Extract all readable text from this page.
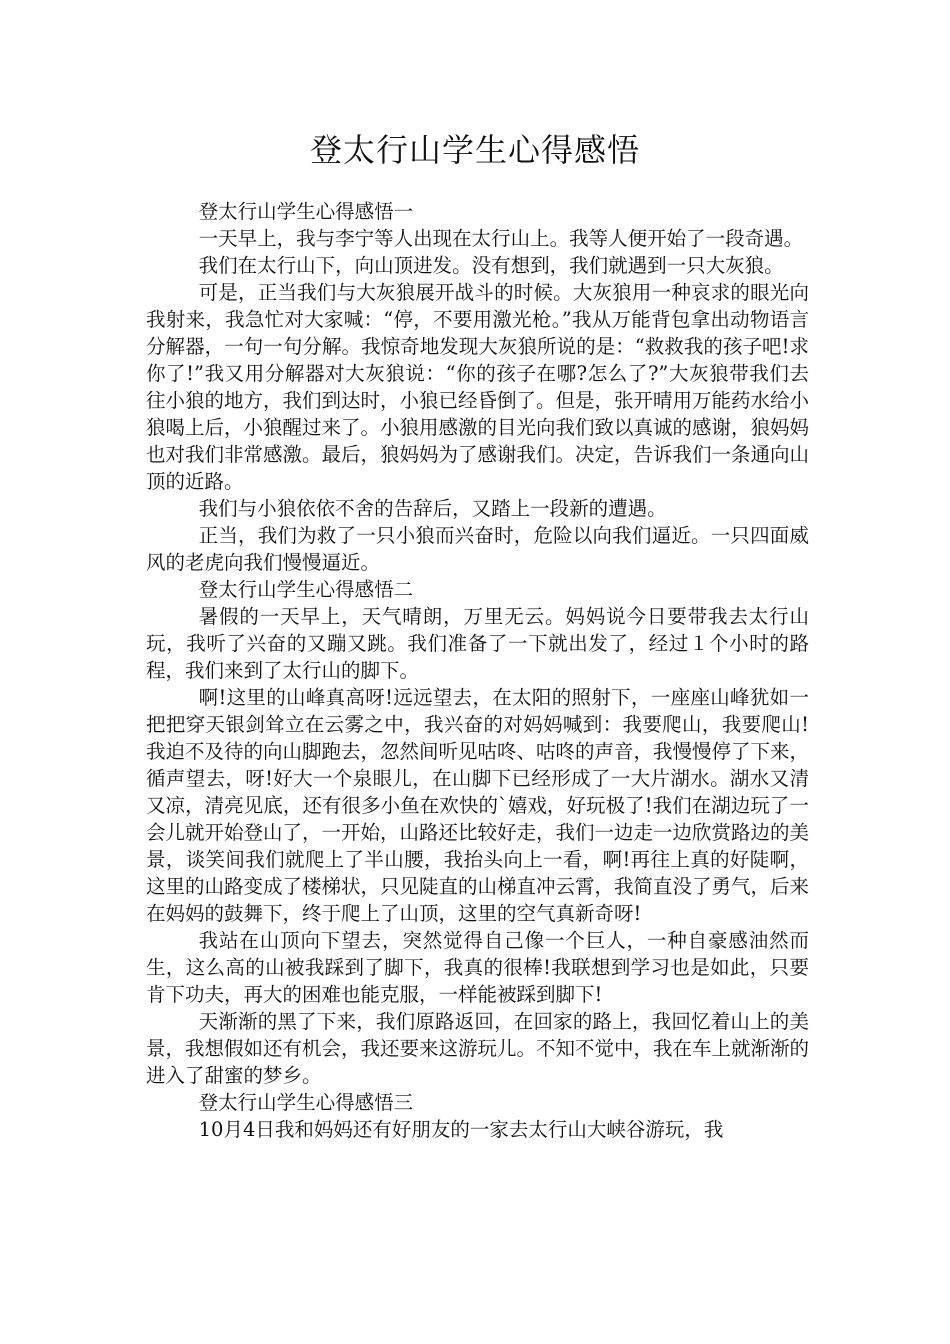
登太行山学生心得感悟

登太行山学生心得感悟一

一天早上，我与李宁等人出现在太行山上。我等人便开始了一段奇遇。

我们在太行山下，向山顶进发。没有想到，我们就遇到一只大灰狼。

可是，正当我们与大灰狼展开战斗的时候。大灰狼用一种哀求的眼光向我射来，我急忙对大家喊：“停，不要用激光枪。”我从万能背包拿出动物语言分解器，一句一句分解。我惊奇地发现大灰狼所说的是：“救救我的孩子吧!求你了!”我又用分解器对大灰狼说：“你的孩子在哪?怎么了?”大灰狼带我们去往小狼的地方，我们到达时，小狼已经昏倒了。但是，张开晴用万能药水给小狼喝上后，小狼醒过来了。小狼用感激的目光向我们致以真诚的感谢，狼妈妈也对我们非常感激。最后，狼妈妈为了感谢我们。决定，告诉我们一条通向山顶的近路。

我们与小狼依依不舍的告辞后，又踏上一段新的遭遇。

正当，我们为救了一只小狼而兴奋时，危险以向我们逼近。一只四面威风的老虎向我们慢慢逼近。

登太行山学生心得感悟二

暑假的一天早上，天气晴朗，万里无云。妈妈说今日要带我去太行山玩，我听了兴奋的又蹦又跳。我们准备了一下就出发了，经过１个小时的路程，我们来到了太行山的脚下。

啊!这里的山峰真高呀!远远望去，在太阳的照射下，一座座山峰犹如一把把穿天银剑耸立在云雾之中，我兴奋的对妈妈喊到：我要爬山，我要爬山!我迫不及待的向山脚跑去，忽然间听见咕咚、咕咚的声音，我慢慢停了下来，循声望去，呀!好大一个泉眼儿，在山脚下已经形成了一大片湖水。湖水又清又凉，清亮见底，还有很多小鱼在欢快的`嬉戏，好玩极了!我们在湖边玩了一会儿就开始登山了，一开始，山路还比较好走，我们一边走一边欣赏路边的美景，谈笑间我们就爬上了半山腰，我抬头向上一看，啊!再往上真的好陡啊，这里的山路变成了楼梯状，只见陡直的山梯直冲云霄，我简直没了勇气，后来在妈妈的鼓舞下，终于爬上了山顶，这里的空气真新奇呀!

我站在山顶向下望去，突然觉得自己像一个巨人，一种自豪感油然而生，这么高的山被我踩到了脚下，我真的很棒!我联想到学习也是如此，只要肯下功夫，再大的困难也能克服，一样能被踩到脚下!

天渐渐的黑了下来，我们原路返回，在回家的路上，我回忆着山上的美景，我想假如还有机会，我还要来这游玩儿。不知不觉中，我在车上就渐渐的进入了甜蜜的梦乡。

登太行山学生心得感悟三

10月4日我和妈妈还有好朋友的一家去太行山大峡谷游玩，我
